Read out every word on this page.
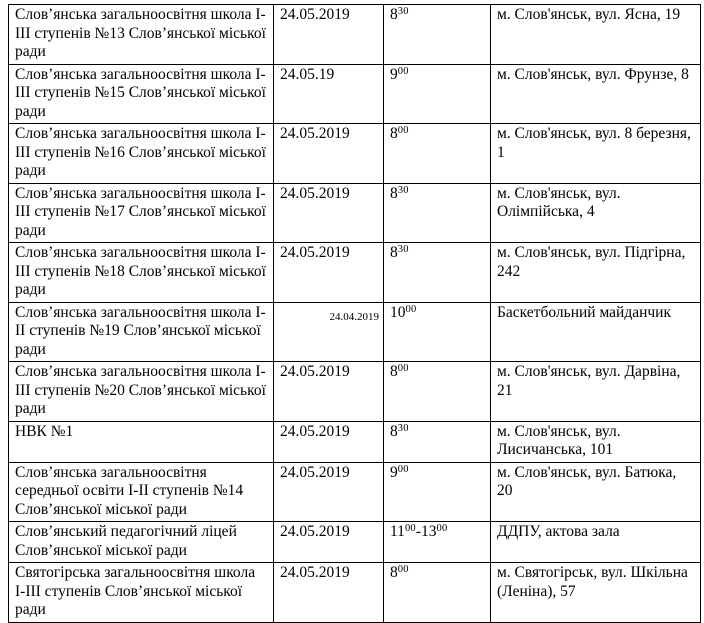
Слов’янська загальноосвітня школа І-ІІІ ступенів №13 Слов’янської міської ради	24.05.2019	$8^{30}$	м. Слов'янськ, вул. Ясна, 19
Слов’янська загальноосвітня школа І-ІІІ ступенів №15 Слов’янської міської ради	24.05.19	$9^{00}$	м. Слов'янськ, вул. Фрунзе, 8
Слов’янська загальноосвітня школа І-ІІІ ступенів №16 Слов’янської міської ради	24.05.2019	$8^{00}$	м. Слов'янськ, вул. 8 березня, 1
Слов’янська загальноосвітня школа І-ІІІ ступенів №17 Слов’янської міської ради	24.05.2019	$8^{30}$	м. Слов'янськ, вул. Олімпійська, 4
Слов’янська загальноосвітня школа І-ІІІ ступенів №18 Слов’янської міської ради	24.05.2019	$8^{30}$	м. Слов'янськ, вул. Підгірна, 242
Слов’янська загальноосвітня школа І-ІІ ступенів №19 Слов’янської міської ради	24.04.2019	$10^{00}$	Баскетбольний майданчик
Слов’янська загальноосвітня школа І-ІІІ ступенів №20 Слов’янської міської ради	24.05.2019	$8^{00}$	м. Слов'янськ, вул. Дарвіна, 21
НВК №1	24.05.2019	$8^{30}$	м. Слов'янськ, вул. Лисичанська, 101
Слов’янська загальноосвітня середньої освіти І-ІІ ступенів №14 Слов’янської міської ради	24.05.2019	$9^{00}$	м. Слов'янськ, вул. Батюка, 20
Слов’янський педагогічний ліцей Слов’янської міської ради	24.05.2019	$11^{00}-13^{00}$	ДДПУ, актова зала
Святогірська загальноосвітня школа І-ІІІ ступенів Слов’янської міської ради	24.05.2019	$8^{00}$	м. Святогірськ, вул. Шкільна (Леніна), 57
